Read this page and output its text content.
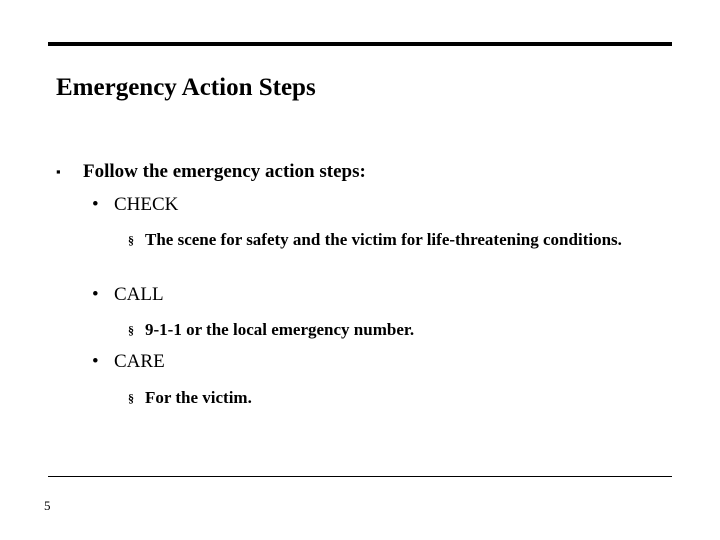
Emergency Action Steps
▪ Follow the emergency action steps:
• CHECK
§ The scene for safety and the victim for life-threatening conditions.
• CALL
§ 9-1-1 or the local emergency number.
• CARE
§ For the victim.
5
